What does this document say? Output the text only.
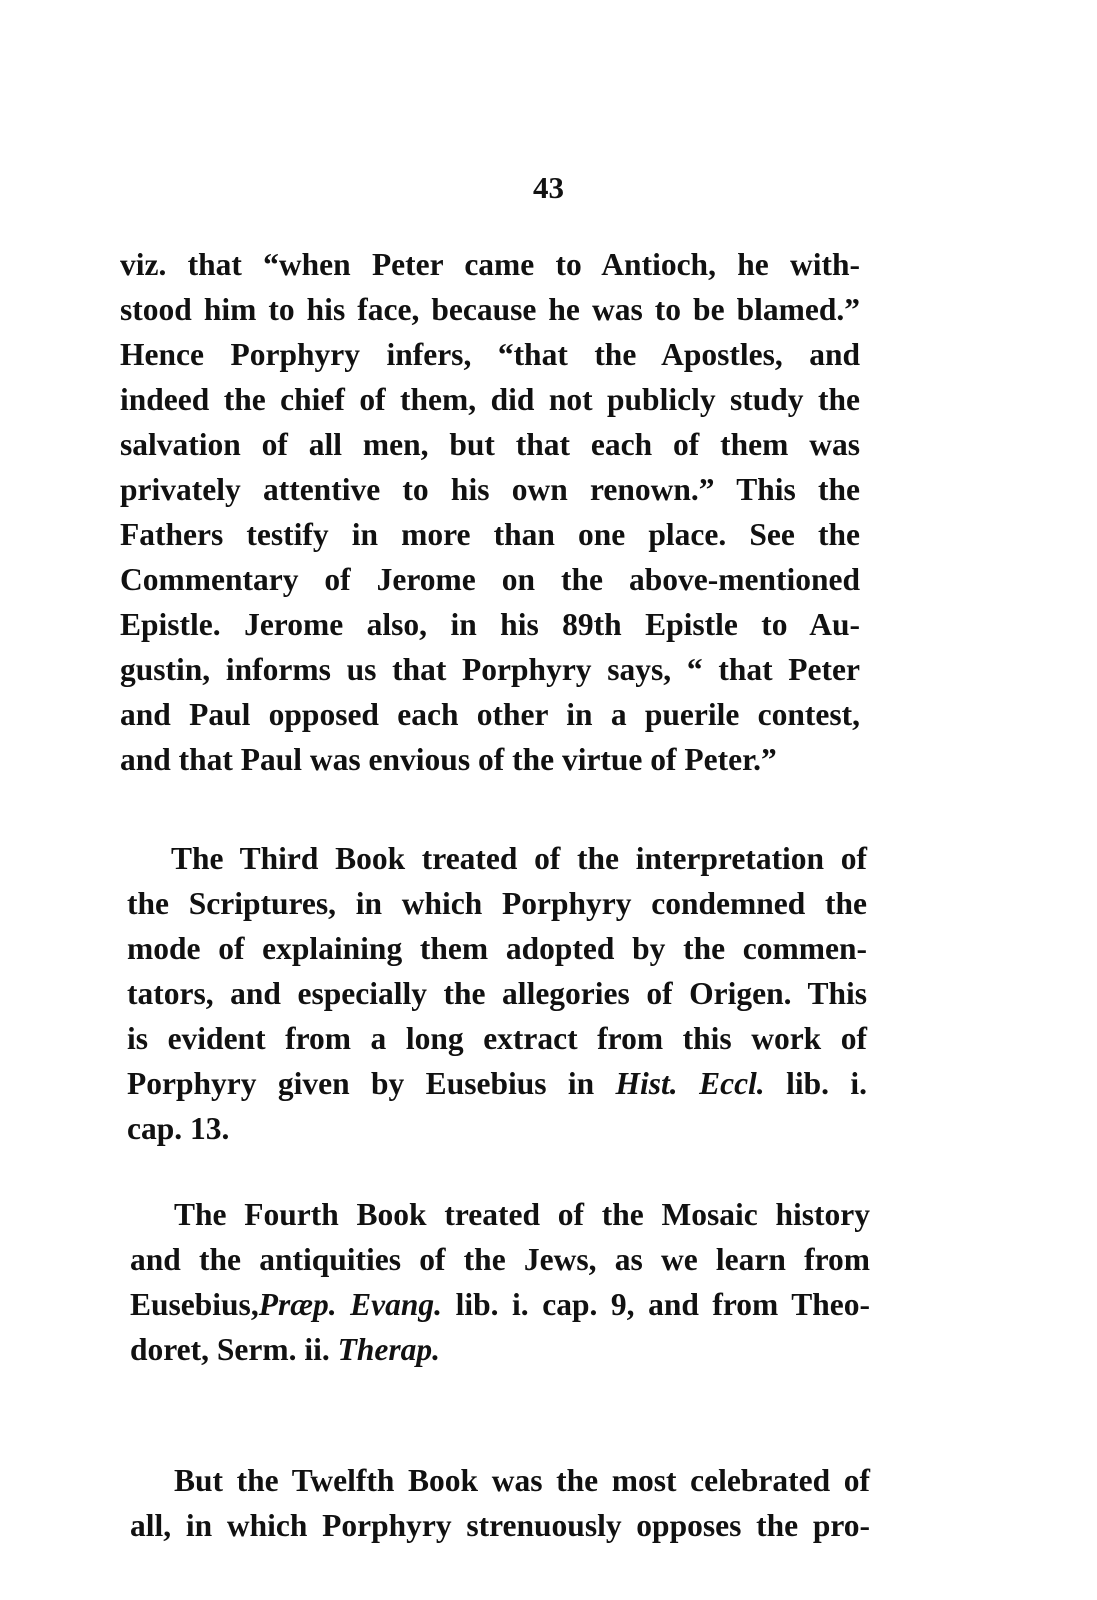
43
viz. that “when Peter came to Antioch, he with-
stood him to his face, because he was to be blamed.”
Hence Porphyry infers, “that the Apostles, and
indeed the chief of them, did not publicly study the
salvation of all men, but that each of them was
privately attentive to his own renown.” This the
Fathers testify in more than one place. See the
Commentary of Jerome on the above-mentioned
Epistle. Jerome also, in his 89th Epistle to Au-
gustin, informs us that Porphyry says, “ that Peter
and Paul opposed each other in a puerile contest,
and that Paul was envious of the virtue of Peter.”
The Third Book treated of the interpretation of
the Scriptures, in which Porphyry condemned the
mode of explaining them adopted by the commen-
tators, and especially the allegories of Origen. This
is evident from a long extract from this work of
Porphyry given by Eusebius in Hist. Eccl. lib. i.
cap. 13.
The Fourth Book treated of the Mosaic history
and the antiquities of the Jews, as we learn from
Eusebius,Præp. Evang. lib. i. cap. 9, and from Theo-
doret, Serm. ii. Therap.
But the Twelfth Book was the most celebrated of
all, in which Porphyry strenuously opposes the pro-
